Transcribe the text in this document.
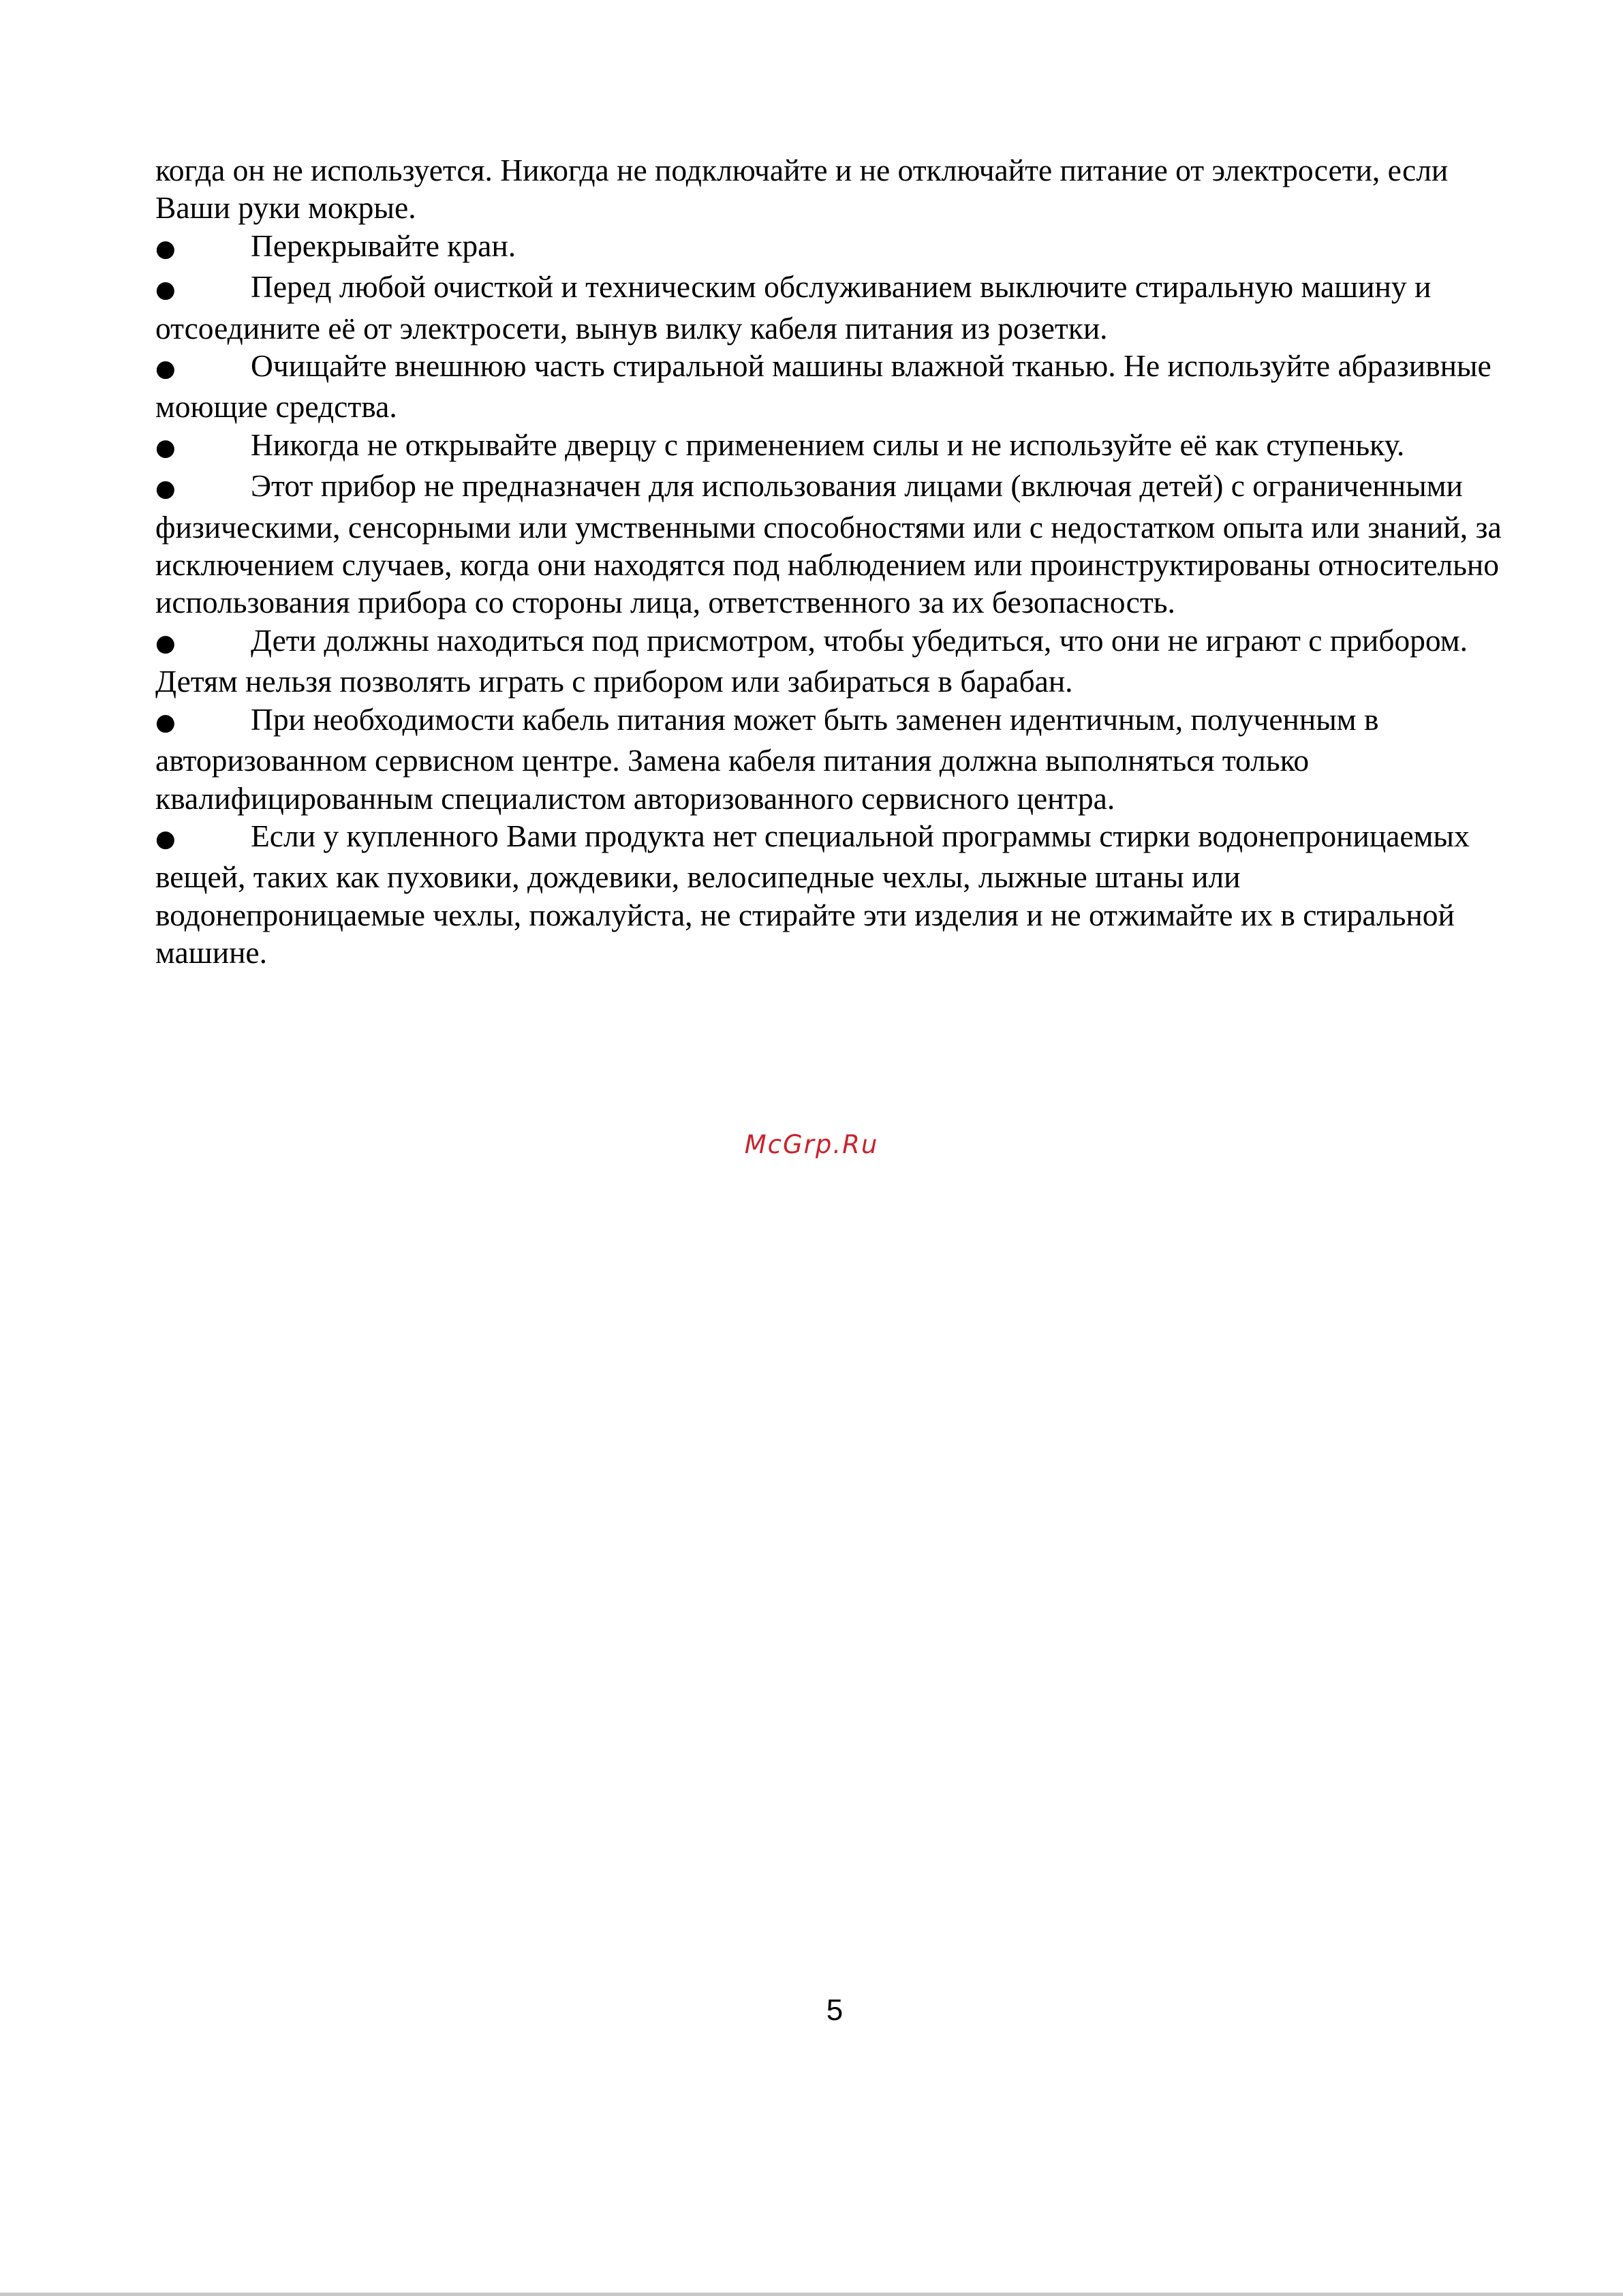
когда он не используется. Никогда не подключайте и не отключайте питание от электросети, если Ваши руки мокрые.

● Перекрывайте кран.

● Перед любой очисткой и техническим обслуживанием выключите стиральную машину и отсоедините её от электросети, вынув вилку кабеля питания из розетки.

● Очищайте внешнюю часть стиральной машины влажной тканью. Не используйте абразивные моющие средства.

● Никогда не открывайте дверцу с применением силы и не используйте её как ступеньку.

● Этот прибор не предназначен для использования лицами (включая детей) с ограниченными физическими, сенсорными или умственными способностями или с недостатком опыта или знаний, за исключением случаев, когда они находятся под наблюдением или проинструктированы относительно использования прибора со стороны лица, ответственного за их безопасность.

● Дети должны находиться под присмотром, чтобы убедиться, что они не играют с прибором. Детям нельзя позволять играть с прибором или забираться в барабан.

● При необходимости кабель питания может быть заменен идентичным, полученным в авторизованном сервисном центре. Замена кабеля питания должна выполняться только квалифицированным специалистом авторизованного сервисного центра.

● Если у купленного Вами продукта нет специальной программы стирки водонепроницаемых вещей, таких как пуховики, дождевики, велосипедные чехлы, лыжные штаны или водонепроницаемые чехлы, пожалуйста, не стирайте эти изделия и не отжимайте их в стиральной машине.

McGrp.Ru
5
